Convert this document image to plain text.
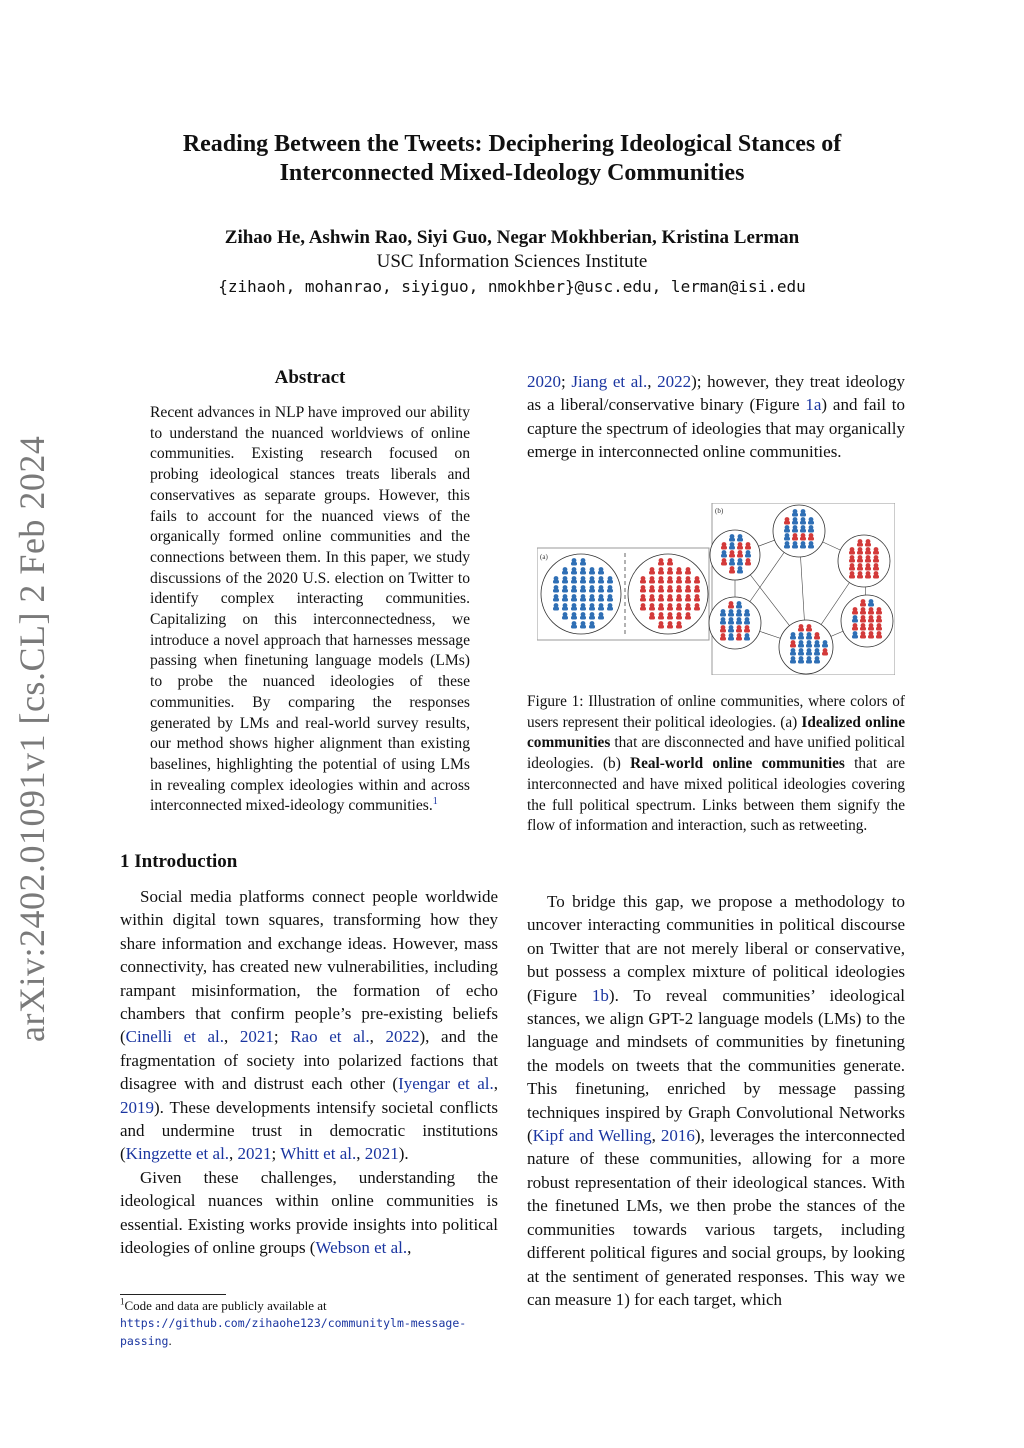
arXiv:2402.01091v1 [cs.CL] 2 Feb 2024
Reading Between the Tweets: Deciphering Ideological Stances of
Interconnected Mixed-Ideology Communities
Zihao He, Ashwin Rao, Siyi Guo, Negar Mokhberian, Kristina Lerman
USC Information Sciences Institute
{zihaoh, mohanrao, siyiguo, nmokhber}@usc.edu, lerman@isi.edu
Abstract
Recent advances in NLP have improved our ability to understand the nuanced worldviews of online communities. Existing research focused on probing ideological stances treats liberals and conservatives as separate groups. However, this fails to account for the nuanced views of the organically formed online communities and the connections between them. In this paper, we study discussions of the 2020 U.S. election on Twitter to identify complex interacting communities. Capitalizing on this interconnectedness, we introduce a novel approach that harnesses message passing when finetuning language models (LMs) to probe the nuanced ideologies of these communities. By comparing the responses generated by LMs and real-world survey results, our method shows higher alignment than existing baselines, highlighting the potential of using LMs in revealing complex ideologies within and across interconnected mixed-ideology communities.$^1$
1 Introduction

Social media platforms connect people worldwide within digital town squares, transforming how they share information and exchange ideas. However, mass connectivity, has created new vulnerabilities, including rampant misinformation, the formation of echo chambers that confirm people’s pre-existing beliefs (Cinelli et al., 2021; Rao et al., 2022), and the fragmentation of society into polarized factions that disagree with and distrust each other (Iyengar et al., 2019). These developments intensify societal conflicts and undermine trust in democratic institutions (Kingzette et al., 2021; Whitt et al., 2021).

Given these challenges, understanding the ideological nuances within online communities is essential. Existing works provide insights into political ideologies of online groups (Webson et al.,

$^1$Code and data are publicly available at https://github.com/zihaohe123/communitylm-message-passing.
2020; Jiang et al., 2022); however, they treat ideology as a liberal/conservative binary (Figure 1a) and fail to capture the spectrum of ideologies that may organically emerge in interconnected online communities.
(a)
(b)
Figure 1: Illustration of online communities, where colors of users represent their political ideologies. (a) Idealized online communities that are disconnected and have unified political ideologies. (b) Real-world online communities that are interconnected and have mixed political ideologies covering the full political spectrum. Links between them signify the flow of information and interaction, such as retweeting.

To bridge this gap, we propose a methodology to uncover interacting communities in political discourse on Twitter that are not merely liberal or conservative, but possess a complex mixture of political ideologies (Figure 1b). To reveal communities’ ideological stances, we align GPT-2 language models (LMs) to the language and mindsets of communities by finetuning the models on tweets that the communities generate. This finetuning, enriched by message passing techniques inspired by Graph Convolutional Networks (Kipf and Welling, 2016), leverages the interconnected nature of these communities, allowing for a more robust representation of their ideological stances. With the finetuned LMs, we then probe the stances of the communities towards various targets, including different political figures and social groups, by looking at the sentiment of generated responses. This way we can measure 1) for each target, which
